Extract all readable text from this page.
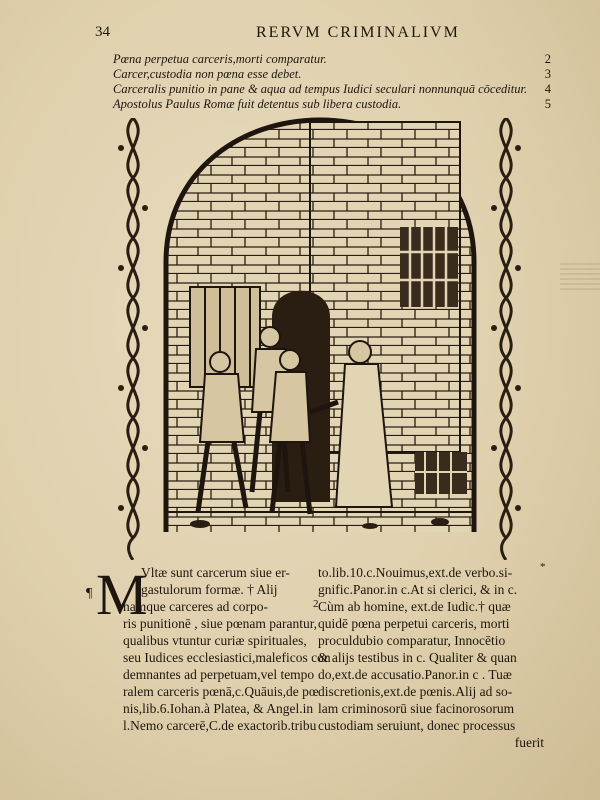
34	RERVM CRIMINALIVM
Pœna perpetua carceris,morti comparatur.	2
Carcer,custodia non pœna esse debet.	3
Carceralis punitio in pane & aqua ad tempus Iudici seculari nonnunquā cōceditur. 4
Apostolus Paulus Romæ fuit detentus sub libera custodia.	5
¶ M
Vltæ sunt carcerum siue er-
gastulorum formæ. † Alij
namque carceres ad corpo-
ris punitionē , siue pœnam parantur,
qualibus vtuntur curiæ spirituales,
seu Iudices ecclesiastici,maleficos con
demnantes ad perpetuam,vel tempo
ralem carceris pœnā,c.Quāuis,de pœ
nis,lib.6.Iohan.à Platea, & Angel.in
l.Nemo carcerē,C.de exactorib.tribu
2
*
to.lib.10.c.Nouimus,ext.de verbo.si-
gnific.Panor.in c.At si clerici, & in c.
Cùm ab homine, ext.de Iudic.† quæ
quidē pœna perpetui carceris, morti
proculdubio comparatur, Innocētio
& alijs testibus in c. Qualiter & quan
do,ext.de accusatio.Panor.in c . Tuæ
discretionis,ext.de pœnis.Alij ad so-
lam criminosorū siue facinorosorum
custodiam seruiunt, donec processus
fuerit
